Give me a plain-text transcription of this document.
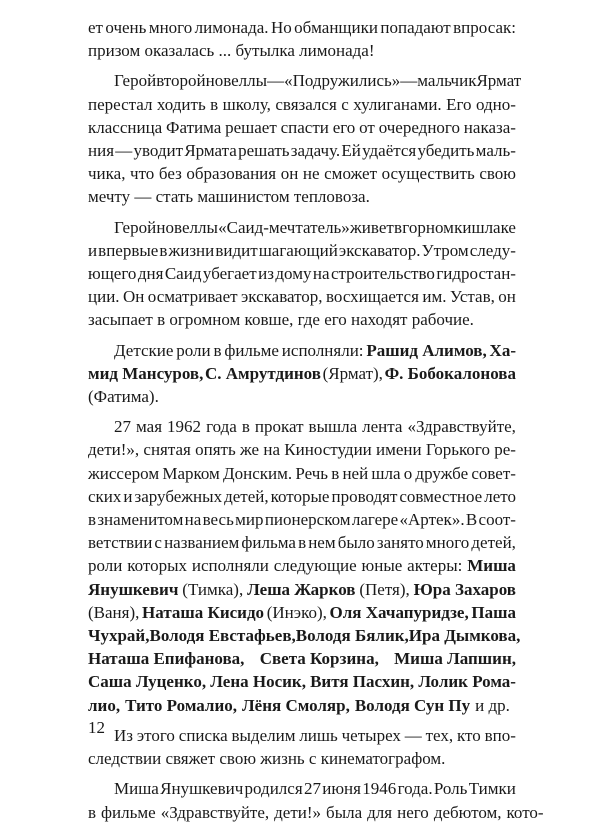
ет очень много лимонада. Но обманщики попадают впросак:
призом оказалась ... бутылка лимонада!
Герой второй новеллы — «Подружились» — мальчик Ярмат
перестал ходить в школу, связался с хулиганами. Его одно-
классница Фатима решает спасти его от очередного наказа-
ния — уводит Ярмата решать задачу. Ей удаётся убедить маль-
чика, что без образования он не сможет осуществить свою
мечту — стать машинистом тепловоза.
Герой новеллы «Саид-мечтатель» живет в горном кишлаке
и впервые в жизни видит шагающий экскаватор. Утром следу-
ющего дня Саид убегает из дому на строительство гидростан-
ции. Он осматривает экскаватор, восхищается им. Устав, он
засыпает в огромном ковше, где его находят рабочие.
Детские роли в фильме исполняли: Рашид Алимов, Ха-
мид Мансуров, С. Амрутдинов (Ярмат), Ф. Бобокалонова
(Фатима).
27 мая 1962 года в прокат вышла лента «Здравствуйте,
дети!», снятая опять же на Киностудии имени Горького ре-
жиссером Марком Донским. Речь в ней шла о дружбе совет-
ских и зарубежных детей, которые проводят совместное лето
в знаменитом на весь мир пионерском лагере «Артек». В соот-
ветствии с названием фильма в нем было занято много детей,
роли которых исполняли следующие юные актеры: Миша
Янушкевич (Тимка), Леша Жарков (Петя), Юра Захаров
(Ваня), Наташа Кисидо (Инэко), Оля Хачапуридзе, Паша
Чухрай, Володя Евстафьев, Володя Бялик, Ира Дымкова,
Наташа Епифанова, Света Корзина, Миша Лапшин,
Саша Луценко, Лена Носик, Витя Пасхин, Лолик Рома-
лио, Тито Ромалио, Лёня Смоляр, Володя Сун Пу и др.
Из этого списка выделим лишь четырех — тех, кто впо-
следствии свяжет свою жизнь с кинематографом.
Миша Янушкевич родился 27 июня 1946 года. Роль Тимки
в фильме «Здравствуйте, дети!» была для него дебютом, кото-
12
